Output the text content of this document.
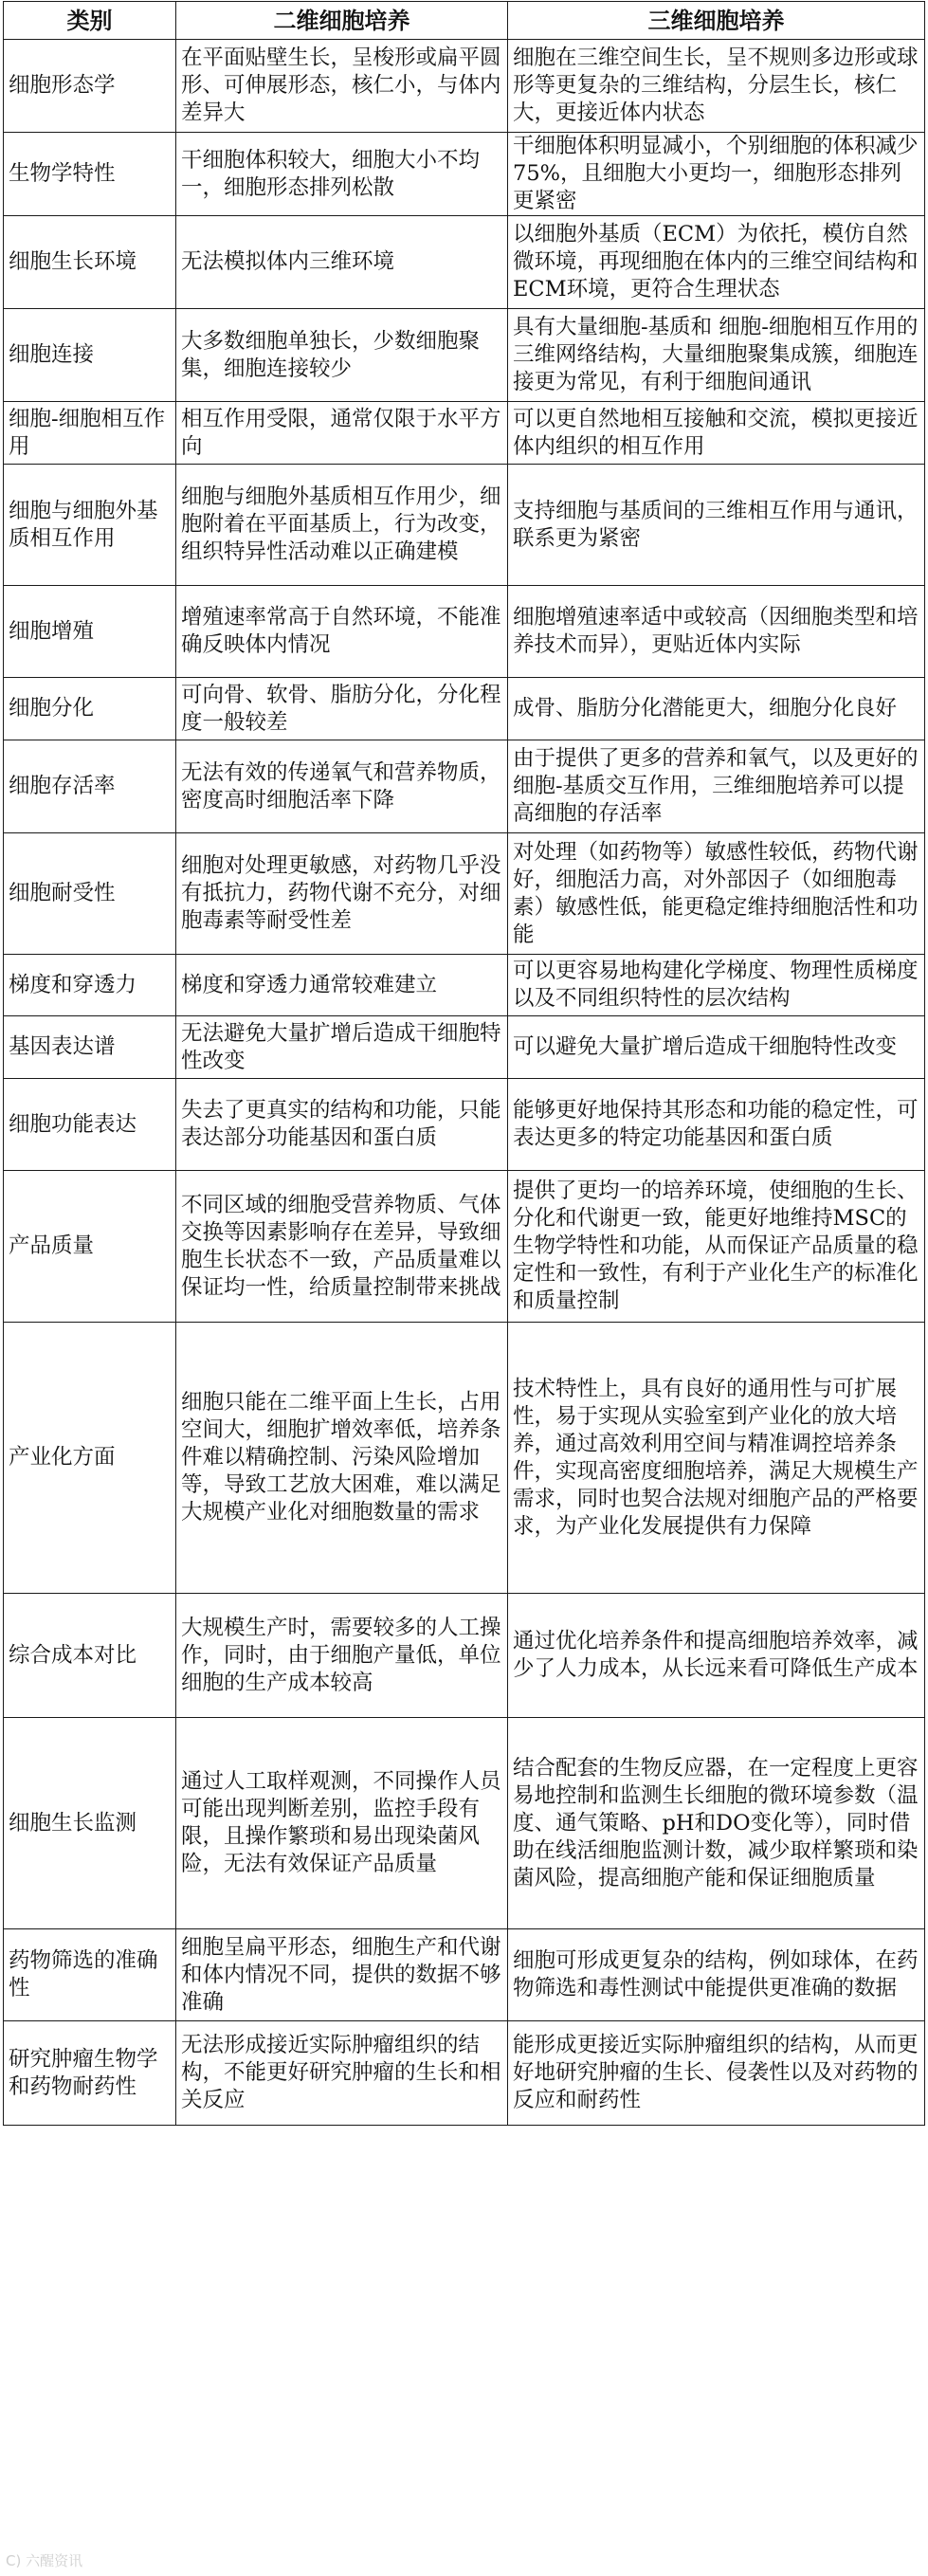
类别	二维细胞培养	三维细胞培养
细胞形态学	在平面贴壁生长，呈梭形或扁平圆形、可伸展形态，核仁小，与体内差异大	细胞在三维空间生长，呈不规则多边形或球形等更复杂的三维结构，分层生长，核仁大，更接近体内状态
生物学特性	干细胞体积较大，细胞大小不均一，细胞形态排列松散	干细胞体积明显减小，个别细胞的体积减少75%，且细胞大小更均一，细胞形态排列更紧密
细胞生长环境	无法模拟体内三维环境	以细胞外基质（ECM）为依托，模仿自然微环境，再现细胞在体内的三维空间结构和ECM环境，更符合生理状态
细胞连接	大多数细胞单独长，少数细胞聚集，细胞连接较少	具有大量细胞-基质和 细胞-细胞相互作用的三维网络结构，大量细胞聚集成簇，细胞连接更为常见，有利于细胞间通讯
细胞-细胞相互作用	相互作用受限，通常仅限于水平方向	可以更自然地相互接触和交流，模拟更接近体内组织的相互作用
细胞与细胞外基质相互作用	细胞与细胞外基质相互作用少，细胞附着在平面基质上，行为改变，组织特异性活动难以正确建模	支持细胞与基质间的三维相互作用与通讯，联系更为紧密
细胞增殖	增殖速率常高于自然环境，不能准确反映体内情况	细胞增殖速率适中或较高（因细胞类型和培养技术而异），更贴近体内实际
细胞分化	可向骨、软骨、脂肪分化，分化程度一般较差	成骨、脂肪分化潜能更大，细胞分化良好
细胞存活率	无法有效的传递氧气和营养物质，密度高时细胞活率下降	由于提供了更多的营养和氧气，以及更好的细胞-基质交互作用，三维细胞培养可以提高细胞的存活率
细胞耐受性	细胞对处理更敏感，对药物几乎没有抵抗力，药物代谢不充分，对细胞毒素等耐受性差	对处理（如药物等）敏感性较低，药物代谢好，细胞活力高，对外部因子（如细胞毒素）敏感性低，能更稳定维持细胞活性和功能
梯度和穿透力	梯度和穿透力通常较难建立	可以更容易地构建化学梯度、物理性质梯度以及不同组织特性的层次结构
基因表达谱	无法避免大量扩增后造成干细胞特性改变	可以避免大量扩增后造成干细胞特性改变
细胞功能表达	失去了更真实的结构和功能，只能表达部分功能基因和蛋白质	能够更好地保持其形态和功能的稳定性，可表达更多的特定功能基因和蛋白质
产品质量	不同区域的细胞受营养物质、气体交换等因素影响存在差异，导致细胞生长状态不一致，产品质量难以保证均一性，给质量控制带来挑战	提供了更均一的培养环境，使细胞的生长、分化和代谢更一致，能更好地维持MSC的 生物学特性和功能，从而保证产品质量的稳定性和一致性，有利于产业化生产的标准化和质量控制
产业化方面	细胞只能在二维平面上生长，占用空间大，细胞扩增效率低，培养条件难以精确控制、污染风险增加等，导致工艺放大困难，难以满足大规模产业化对细胞数量的需求	技术特性上，具有良好的通用性与可扩展性，易于实现从实验室到产业化的放大培养，通过高效利用空间与精准调控培养条件，实现高密度细胞培养，满足大规模生产需求，同时也契合法规对细胞产品的严格要求，为产业化发展提供有力保障
综合成本对比	大规模生产时，需要较多的人工操作，同时，由于细胞产量低，单位细胞的生产成本较高	通过优化培养条件和提高细胞培养效率，减少了人力成本，从长远来看可降低生产成本
细胞生长监测	通过人工取样观测，不同操作人员可能出现判断差别，监控手段有限，且操作繁琐和易出现染菌风险，无法有效保证产品质量	结合配套的生物反应器，在一定程度上更容易地控制和监测生长细胞的微环境参数（温度、通气策略、pH和DO变化等），同时借助在线活细胞监测计数，减少取样繁琐和染菌风险，提高细胞产能和保证细胞质量
药物筛选的准确性	细胞呈扁平形态，细胞生产和代谢和体内情况不同，提供的数据不够准确	细胞可形成更复杂的结构，例如球体，在药物筛选和毒性测试中能提供更准确的数据
研究肿瘤生物学和药物耐药性	无法形成接近实际肿瘤组织的结构，不能更好研究肿瘤的生长和相关反应	能形成更接近实际肿瘤组织的结构，从而更好地研究肿瘤的生长、侵袭性以及对药物的反应和耐药性
C) 六醒资讯
